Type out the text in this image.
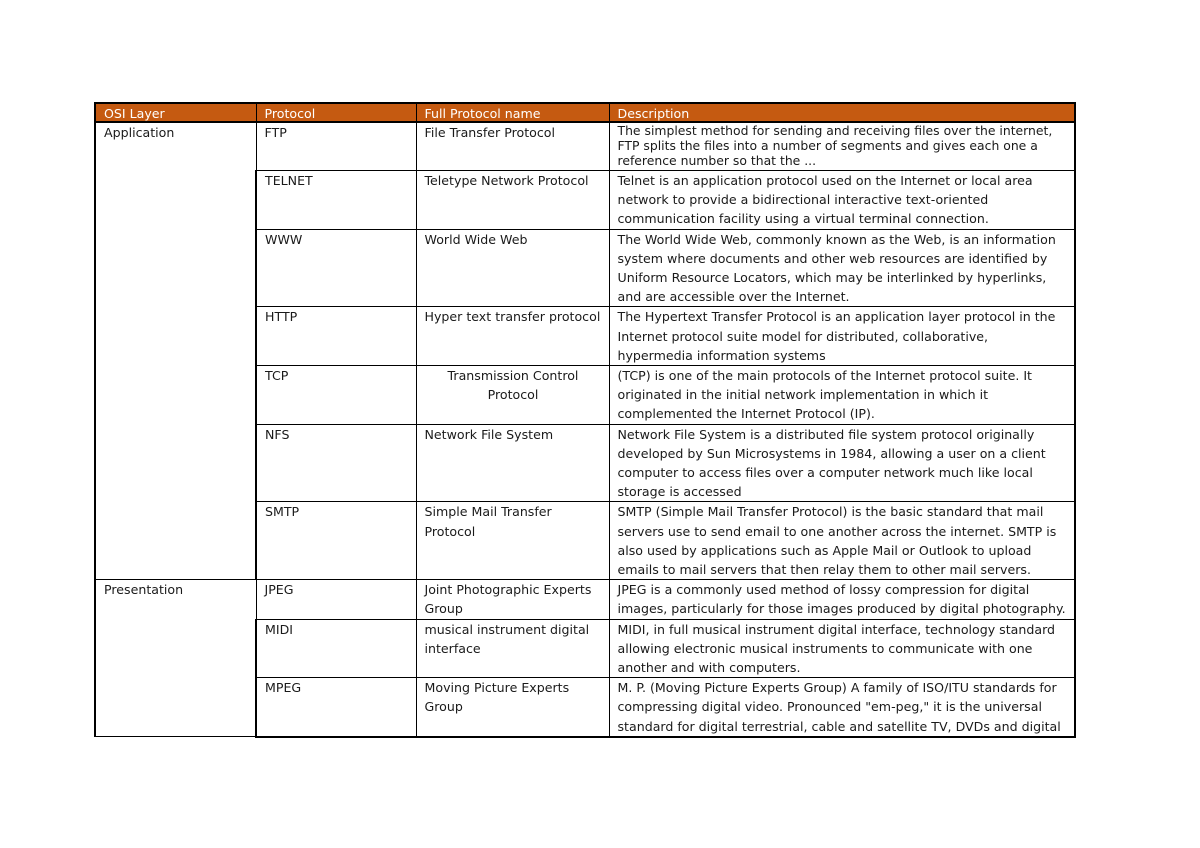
OSI Layer	Protocol	Full Protocol name	Description
Application	FTP	File Transfer Protocol	The simplest method for sending and receiving files over the internet, FTP splits the files into a number of segments and gives each one a reference number so that the ...
	TELNET	Teletype Network Protocol	Telnet is an application protocol used on the Internet or local area network to provide a bidirectional interactive text-oriented communication facility using a virtual terminal connection.
	WWW	World Wide Web	The World Wide Web, commonly known as the Web, is an information system where documents and other web resources are identified by Uniform Resource Locators, which may be interlinked by hyperlinks, and are accessible over the Internet.
	HTTP	Hyper text transfer protocol	The Hypertext Transfer Protocol is an application layer protocol in the Internet protocol suite model for distributed, collaborative, hypermedia information systems
	TCP	Transmission Control Protocol	(TCP) is one of the main protocols of the Internet protocol suite. It originated in the initial network implementation in which it complemented the Internet Protocol (IP).
	NFS	Network File System	Network File System is a distributed file system protocol originally developed by Sun Microsystems in 1984, allowing a user on a client computer to access files over a computer network much like local storage is accessed
	SMTP	Simple Mail Transfer Protocol	SMTP (Simple Mail Transfer Protocol) is the basic standard that mail servers use to send email to one another across the internet. SMTP is also used by applications such as Apple Mail or Outlook to upload emails to mail servers that then relay them to other mail servers.
Presentation	JPEG	Joint Photographic Experts Group	JPEG is a commonly used method of lossy compression for digital images, particularly for those images produced by digital photography.
	MIDI	musical instrument digital interface	MIDI, in full musical instrument digital interface, technology standard allowing electronic musical instruments to communicate with one another and with computers.
	MPEG	Moving Picture Experts Group	M. P. (Moving Picture Experts Group) A family of ISO/ITU standards for compressing digital video. Pronounced "em-peg," it is the universal standard for digital terrestrial, cable and satellite TV, DVDs and digital
